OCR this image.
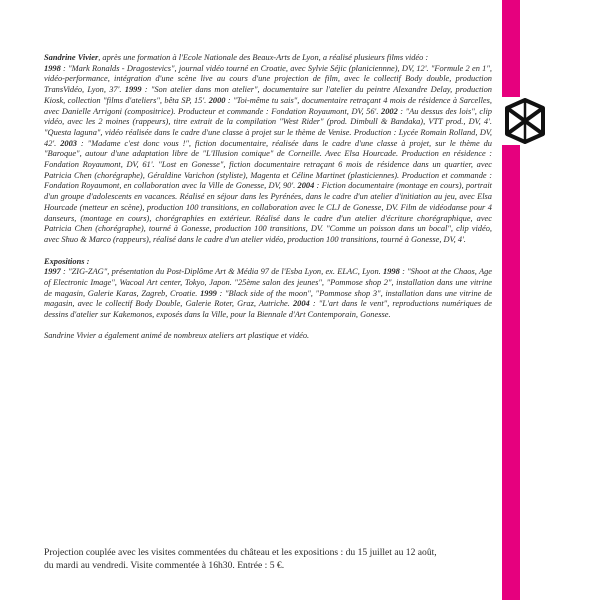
Sandrine Vivier, après une formation à l'Ecole Nationale des Beaux-Arts de Lyon, a réalisé plusieurs films vidéo :

1998 : "Mark Ronalds - Dragostevics", journal vidéo tourné en Croatie, avec Sylvie Séjic (planiciennne), DV, 12'. "Formule 2 en 1", vidéo-performance, intégration d'une scène live au cours d'une projection de film, avec le collectif Body double, production TransVidéo, Lyon, 37'. 1999 : "Son atelier dans mon atelier", documentaire sur l'atelier du peintre Alexandre Delay, production Kiosk, collection "films d'ateliers", bêta SP, 15'. 2000 : "Toi-même tu sais", documentaire retraçant 4 mois de résidence à Sarcelles, avec Danielle Arrigoni (compositrice). Producteur et commande : Fondation Royaumont, DV, 56'. 2002 : "Au dessus des lois", clip vidéo, avec les 2 moines (rappeurs), titre extrait de la compilation "West Rider" (prod. Dimbull & Bandaka), VTT prod., DV, 4'. "Questa laguna", vidéo réalisée dans le cadre d'une classe à projet sur le thème de Venise. Production : Lycée Romain Rolland, DV, 42'. 2003 : "Madame c'est donc vous !", fiction documentaire, réalisée dans le cadre d'une classe à projet, sur le thème du "Baroque", autour d'une adaptation libre de "L'Illusion comique" de Corneille. Avec Elsa Hourcade. Production en résidence : Fondation Royaumont, DV, 61'. "Lost en Gonesse", fiction documentaire retraçant 6 mois de résidence dans un quartier, avec Patricia Chen (chorégraphe), Géraldine Varichon (styliste), Magenta et Céline Martinet (plasticiennes). Production et commande : Fondation Royaumont, en collaboration avec la Ville de Gonesse, DV, 90'. 2004 : Fiction documentaire (montage en cours), portrait d'un groupe d'adolescents en vacances. Réalisé en séjour dans les Pyrénées, dans le cadre d'un atelier d'initiation au jeu, avec Elsa Hourcade (metteur en scène), production 100 transitions, en collaboration avec le CLJ de Gonesse, DV. Film de vidéodanse pour 4 danseurs, (montage en cours), chorégraphies en extérieur. Réalisé dans le cadre d'un atelier d'écriture chorégraphique, avec Patricia Chen (chorégraphe), tourné à Gonesse, production 100 transitions, DV. "Comme un poisson dans un bocal", clip vidéo, avec Shuo & Marco (rappeurs), réalisé dans le cadre d'un atelier vidéo, production 100 transitions, tourné à Gonesse, DV, 4'.

Expositions :

1997 : "ZIG-ZAG", présentation du Post-Diplôme Art & Média 97 de l'Esba Lyon, ex. ELAC, Lyon. 1998 : "Shoot at the Chaos, Age of Electronic Image", Wacoal Art center, Tokyo, Japon. "25ème salon des jeunes", "Pommose shop 2", installation dans une vitrine de magasin, Galerie Karas, Zagreb, Croatie. 1999 : "Black side of the moon", "Pommose shop 3", installation dans une vitrine de magasin, avec le collectif Body Double, Galerie Roter, Graz, Autriche. 2004 : "L'art dans le vent", reproductions numériques de dessins d'atelier sur Kakemonos, exposés dans la Ville, pour la Biennale d'Art Contemporain, Gonesse.

Sandrine Vivier a également animé de nombreux ateliers art plastique et vidéo.

Projection couplée avec les visites commentées du château et les expositions : du 15 juillet au 12 août,

du mardi au vendredi. Visite commentée à 16h30. Entrée : 5 €.
